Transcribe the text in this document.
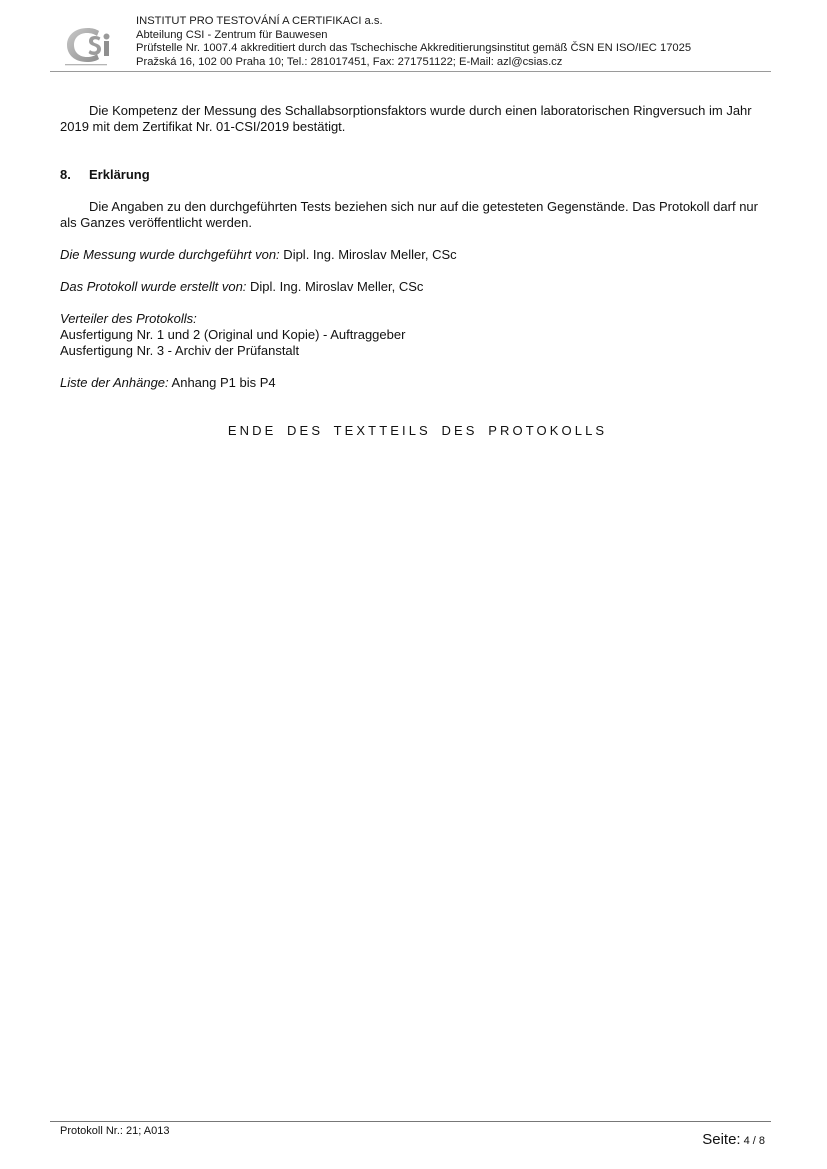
INSTITUT PRO TESTOVÁNÍ A CERTIFIKACI a.s.
Abteilung CSI - Zentrum für Bauwesen
Prüfstelle Nr. 1007.4 akkreditiert durch das Tschechische Akkreditierungsinstitut gemäß ČSN EN ISO/IEC 17025
Pražská 16, 102 00 Praha 10; Tel.: 281017451, Fax: 271751122; E-Mail: azl@csias.cz
Die Kompetenz der Messung des Schallabsorptionsfaktors wurde durch einen laboratorischen Ringversuch im Jahr 2019 mit dem Zertifikat Nr. 01-CSI/2019 bestätigt.
8. Erklärung
Die Angaben zu den durchgeführten Tests beziehen sich nur auf die getesteten Gegenstände. Das Protokoll darf nur als Ganzes veröffentlicht werden.
Die Messung wurde durchgeführt von: Dipl. Ing. Miroslav Meller, CSc
Das Protokoll wurde erstellt von: Dipl. Ing. Miroslav Meller, CSc
Verteiler des Protokolls:
Ausfertigung Nr. 1 und 2 (Original und Kopie) - Auftraggeber
Ausfertigung Nr. 3 - Archiv der Prüfanstalt
Liste der Anhänge: Anhang P1 bis P4
ENDE DES TEXTTEILS DES PROTOKOLLS
Protokoll Nr.: 21; A013	Seite: 4 / 8
